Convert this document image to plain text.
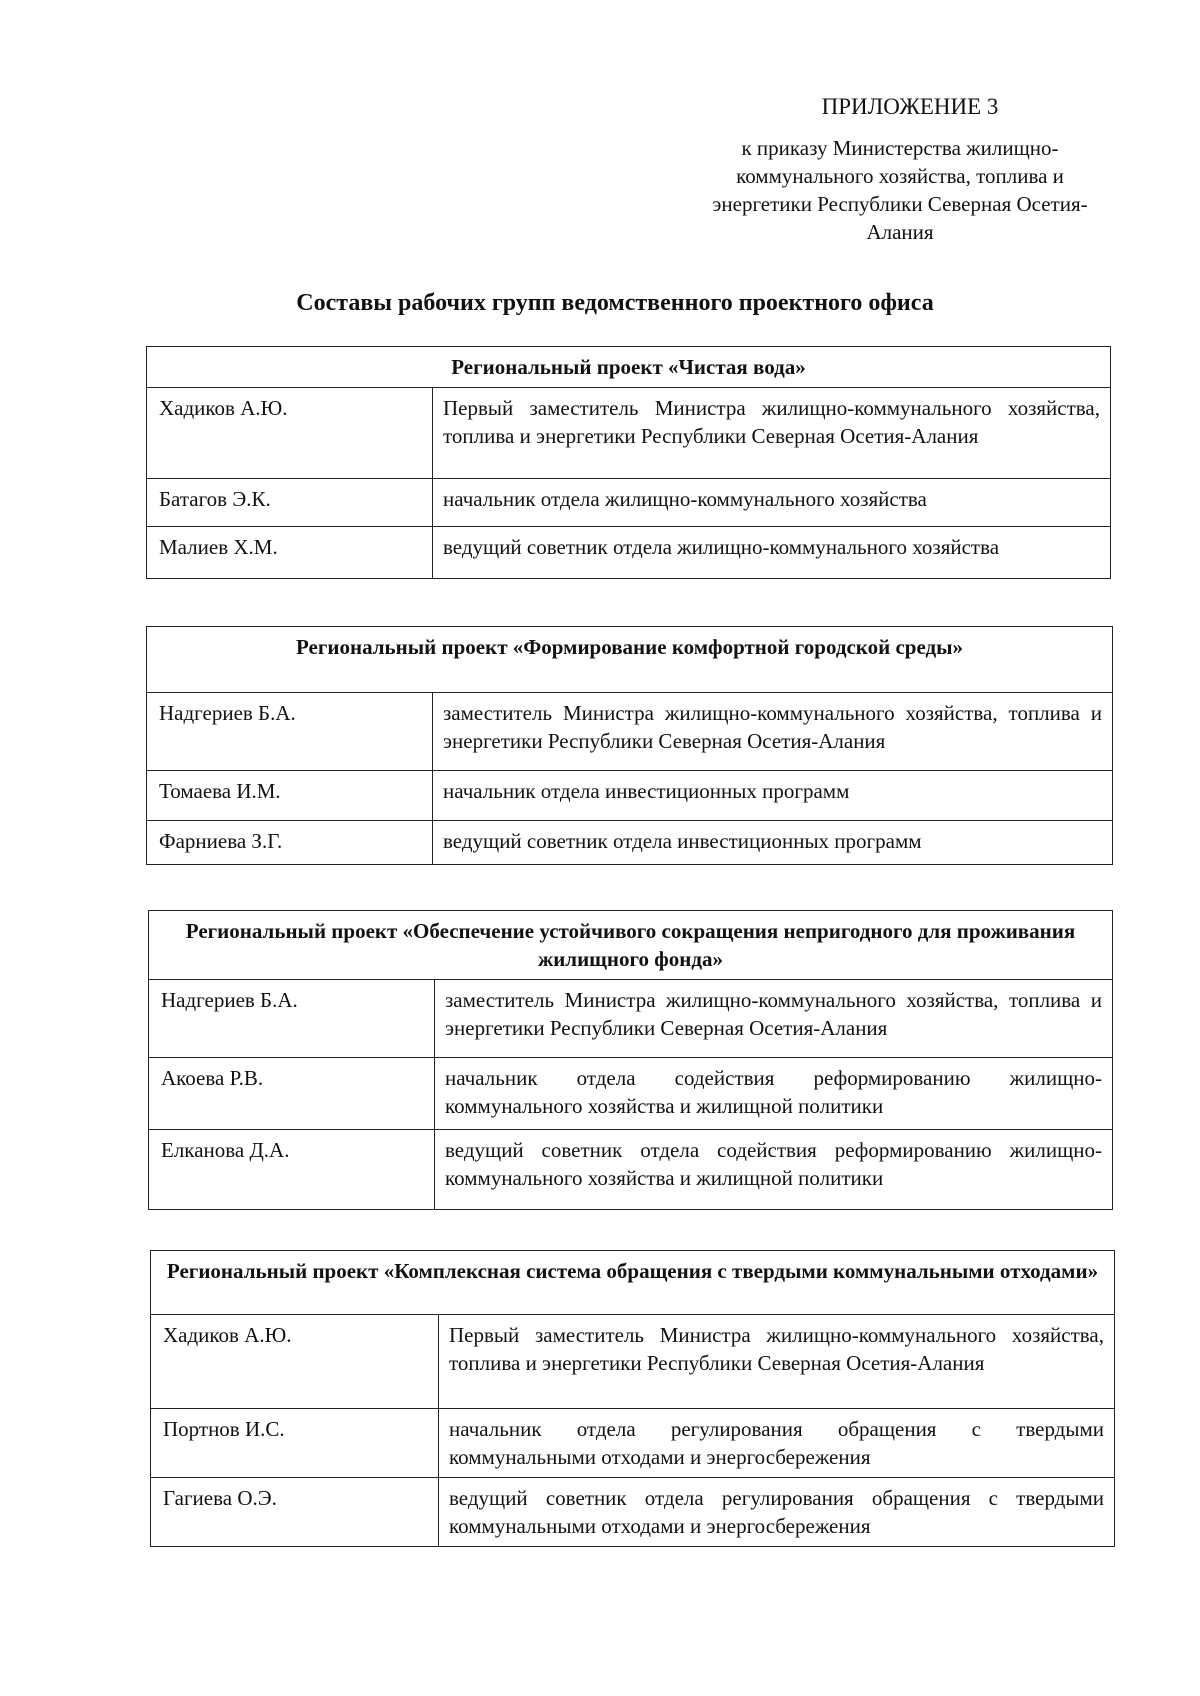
ПРИЛОЖЕНИЕ 3

к приказу Министерства жилищно-коммунального хозяйства, топлива и энергетики Республики Северная Осетия-Алания

Составы рабочих групп ведомственного проектного офиса
Региональный проект «Чистая вода»	
Хадиков А.Ю.	Первый заместитель Министра жилищно-коммунального хозяйства, топлива и энергетики Республики Северная Осетия-Алания
Батагов Э.К.	начальник отдела жилищно-коммунального хозяйства
Малиев Х.М.	ведущий советник отдела жилищно-коммунального хозяйства
Региональный проект «Формирование комфортной городской среды»	
Надгериев Б.А.	заместитель Министра жилищно-коммунального хозяйства, топлива и энергетики Республики Северная Осетия-Алания
Томаева И.М.	начальник отдела инвестиционных программ
Фарниева З.Г.	ведущий советник отдела инвестиционных программ
Региональный проект «Обеспечение устойчивого сокращения непригодного для проживания жилищного фонда»	
Надгериев Б.А.	заместитель Министра жилищно-коммунального хозяйства, топлива и энергетики Республики Северная Осетия-Алания
Акоева Р.В.	начальник отдела содействия реформированию жилищно-коммунального хозяйства и жилищной политики
Елканова Д.А.	ведущий советник отдела содействия реформированию жилищно-коммунального хозяйства и жилищной политики
Региональный проект «Комплексная система обращения с твердыми коммунальными отходами»	
Хадиков А.Ю.	Первый заместитель Министра жилищно-коммунального хозяйства, топлива и энергетики Республики Северная Осетия-Алания
Портнов И.С.	начальник отдела регулирования обращения с твердыми коммунальными отходами и энергосбережения
Гагиева О.Э.	ведущий советник отдела регулирования обращения с твердыми коммунальными отходами и энергосбережения
